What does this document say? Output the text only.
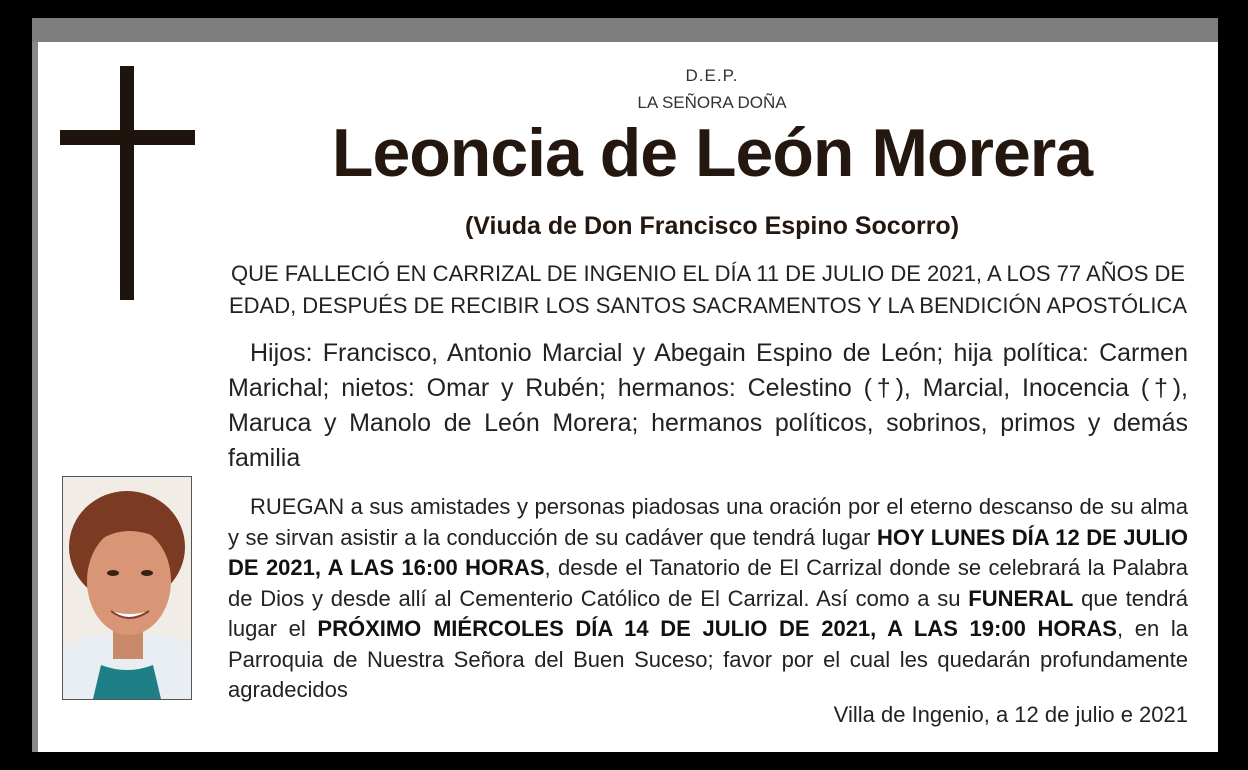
D.E.P.
LA SEÑORA DOÑA
Leoncia de León Morera
(Viuda de Don Francisco Espino Socorro)
QUE FALLECIÓ EN CARRIZAL DE INGENIO EL DÍA 11 DE JULIO DE 2021, A LOS 77 AÑOS DE EDAD, DESPUÉS DE RECIBIR LOS SANTOS SACRAMENTOS Y LA BENDICIÓN APOSTÓLICA
Hijos: Francisco, Antonio Marcial y Abegain Espino de León; hija política: Carmen Marichal; nietos: Omar y Rubén; hermanos: Celestino (†), Marcial, Inocencia (†), Maruca y Manolo de León Morera; hermanos políticos, sobrinos, primos y demás familia
RUEGAN a sus amistades y personas piadosas una oración por el eterno descanso de su alma y se sirvan asistir a la conducción de su cadáver que tendrá lugar HOY LUNES DÍA 12 DE JULIO DE 2021, A LAS 16:00 HORAS, desde el Tanatorio de El Carrizal donde se celebrará la Palabra de Dios y desde allí al Cementerio Católico de El Carrizal. Así como a su FUNERAL que tendrá lugar el PRÓXIMO MIÉRCOLES DÍA 14 DE JULIO DE 2021, A LAS 19:00 HORAS, en la Parroquia de Nuestra Señora del Buen Suceso; favor por el cual les quedarán profundamente agradecidos
Villa de Ingenio, a 12 de julio e 2021
